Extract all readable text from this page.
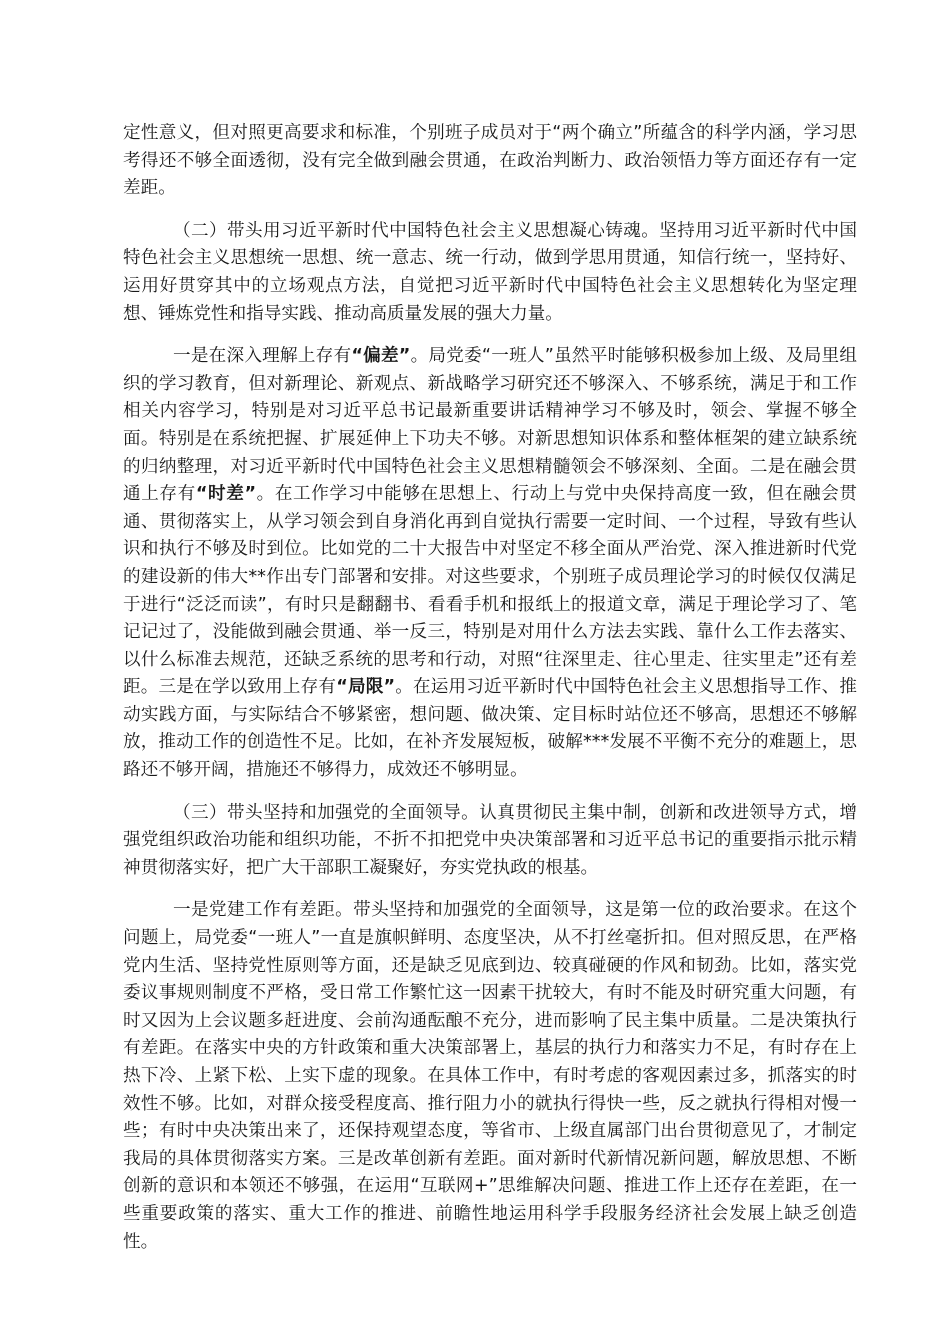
定性意义，但对照更高要求和标准，个别班子成员对于“两个确立”所蕴含的科学内涵，学习思考得还不够全面透彻，没有完全做到融会贯通，在政治判断力、政治领悟力等方面还存有一定差距。

（二）带头用习近平新时代中国特色社会主义思想凝心铸魂。坚持用习近平新时代中国特色社会主义思想统一思想、统一意志、统一行动，做到学思用贯通，知信行统一，坚持好、运用好贯穿其中的立场观点方法，自觉把习近平新时代中国特色社会主义思想转化为坚定理想、锤炼党性和指导实践、推动高质量发展的强大力量。

一是在深入理解上存有“偏差”。局党委“一班人”虽然平时能够积极参加上级、及局里组织的学习教育，但对新理论、新观点、新战略学习研究还不够深入、不够系统，满足于和工作相关内容学习，特别是对习近平总书记最新重要讲话精神学习不够及时，领会、掌握不够全面。特别是在系统把握、扩展延伸上下功夫不够。对新思想知识体系和整体框架的建立缺系统的归纳整理，对习近平新时代中国特色社会主义思想精髓领会不够深刻、全面。二是在融会贯通上存有“时差”。在工作学习中能够在思想上、行动上与党中央保持高度一致，但在融会贯通、贯彻落实上，从学习领会到自身消化再到自觉执行需要一定时间、一个过程，导致有些认识和执行不够及时到位。比如党的二十大报告中对坚定不移全面从严治党、深入推进新时代党的建设新的伟大**作出专门部署和安排。对这些要求，个别班子成员理论学习的时候仅仅满足于进行“泛泛而读”，有时只是翻翻书、看看手机和报纸上的报道文章，满足于理论学习了、笔记记过了，没能做到融会贯通、举一反三，特别是对用什么方法去实践、靠什么工作去落实、以什么标准去规范，还缺乏系统的思考和行动，对照“往深里走、往心里走、往实里走”还有差距。三是在学以致用上存有“局限”。在运用习近平新时代中国特色社会主义思想指导工作、推动实践方面，与实际结合不够紧密，想问题、做决策、定目标时站位还不够高，思想还不够解放，推动工作的创造性不足。比如，在补齐发展短板，破解***发展不平衡不充分的难题上，思路还不够开阔，措施还不够得力，成效还不够明显。

（三）带头坚持和加强党的全面领导。认真贯彻民主集中制，创新和改进领导方式，增强党组织政治功能和组织功能，不折不扣把党中央决策部署和习近平总书记的重要指示批示精神贯彻落实好，把广大干部职工凝聚好，夯实党执政的根基。

一是党建工作有差距。带头坚持和加强党的全面领导，这是第一位的政治要求。在这个问题上，局党委“一班人”一直是旗帜鲜明、态度坚决，从不打丝毫折扣。但对照反思，在严格党内生活、坚持党性原则等方面，还是缺乏见底到边、较真碰硬的作风和韧劲。比如，落实党委议事规则制度不严格，受日常工作繁忙这一因素干扰较大，有时不能及时研究重大问题，有时又因为上会议题多赶进度、会前沟通酝酿不充分，进而影响了民主集中质量。二是决策执行有差距。在落实中央的方针政策和重大决策部署上，基层的执行力和落实力不足，有时存在上热下冷、上紧下松、上实下虚的现象。在具体工作中，有时考虑的客观因素过多，抓落实的时效性不够。比如，对群众接受程度高、推行阻力小的就执行得快一些，反之就执行得相对慢一些；有时中央决策出来了，还保持观望态度，等省市、上级直属部门出台贯彻意见了，才制定我局的具体贯彻落实方案。三是改革创新有差距。面对新时代新情况新问题，解放思想、不断创新的意识和本领还不够强，在运用“互联网+”思维解决问题、推进工作上还存在差距，在一些重要政策的落实、重大工作的推进、前瞻性地运用科学手段服务经济社会发展上缺乏创造性。
